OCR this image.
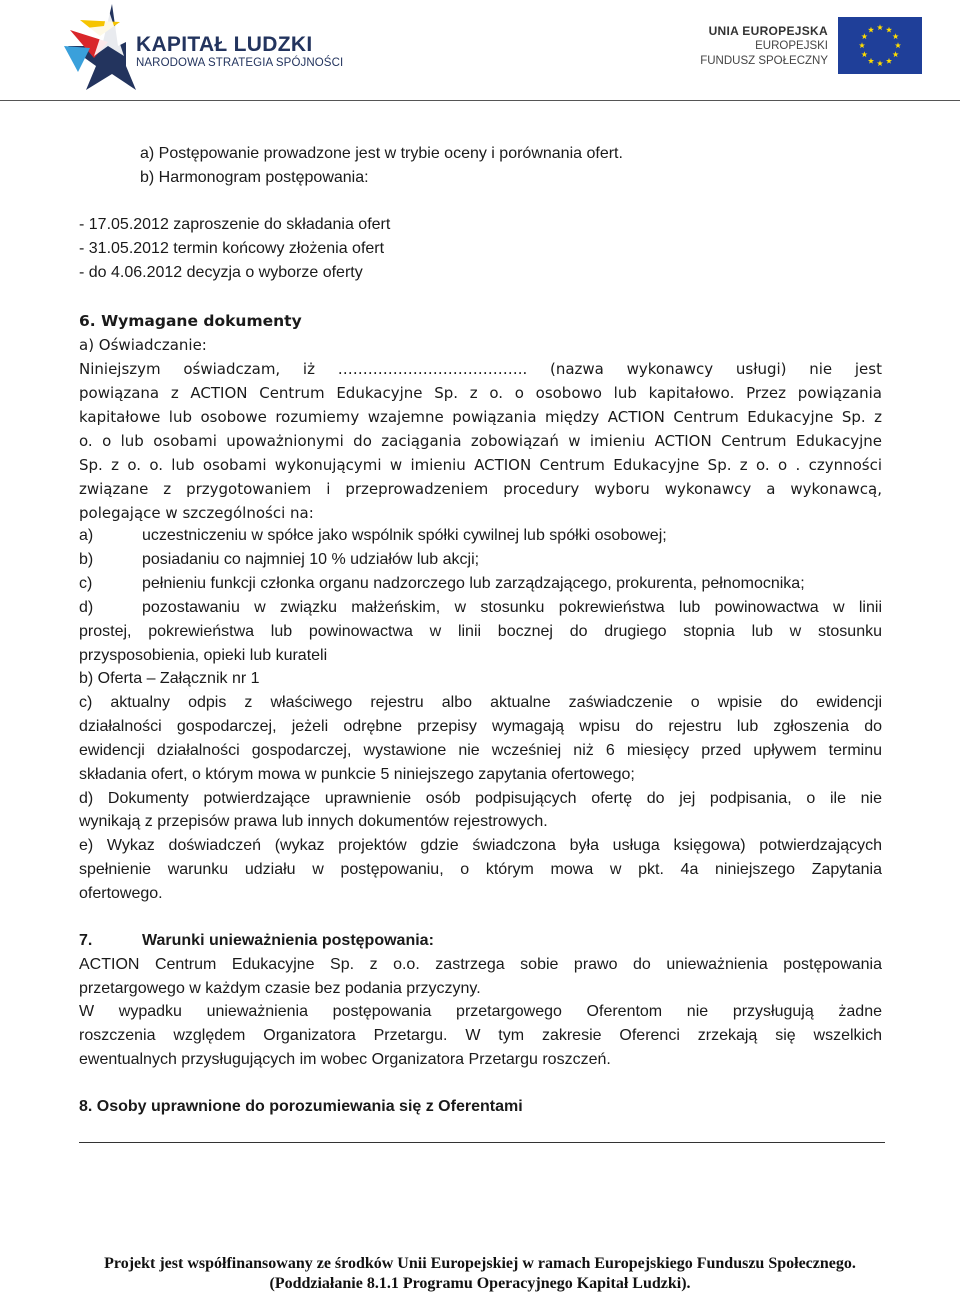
KAPITAŁ LUDZKI
NARODOWA STRATEGIA SPÓJNOŚCI
UNIA EUROPEJSKA
EUROPEJSKI
FUNDUSZ SPOŁECZNY
a) Postępowanie prowadzone jest w trybie oceny i porównania ofert.
b) Harmonogram postępowania:
- 17.05.2012 zaproszenie do składania ofert
- 31.05.2012 termin końcowy złożenia ofert
- do 4.06.2012 decyzja o wyborze oferty
6. Wymagane dokumenty
a) Oświadczanie:
Niniejszym oświadczam, iż ……………………………….. (nazwa wykonawcy usługi) nie jest
powiązana z ACTION Centrum Edukacyjne Sp. z o. o osobowo lub kapitałowo. Przez powiązania
kapitałowe lub osobowe rozumiemy wzajemne powiązania między ACTION Centrum Edukacyjne Sp. z
o. o lub osobami upoważnionymi do zaciągania zobowiązań w imieniu ACTION Centrum Edukacyjne
Sp. z o. o. lub osobami wykonującymi w imieniu ACTION Centrum Edukacyjne Sp. z o. o . czynności
związane z przygotowaniem i przeprowadzeniem procedury wyboru wykonawcy a wykonawcą,
polegające w szczególności na:
a)	uczestniczeniu w spółce jako wspólnik spółki cywilnej lub spółki osobowej;
b)	posiadaniu co najmniej 10 % udziałów lub akcji;
c)	pełnieniu funkcji członka organu nadzorczego lub zarządzającego, prokurenta, pełnomocnika;
d)	pozostawaniu w związku małżeńskim, w stosunku pokrewieństwa lub powinowactwa w linii
prostej, pokrewieństwa lub powinowactwa w linii bocznej do drugiego stopnia lub w stosunku
przysposobienia, opieki lub kurateli
b) Oferta – Załącznik nr 1
c) aktualny odpis z właściwego rejestru albo aktualne zaświadczenie o wpisie do ewidencji
działalności gospodarczej, jeżeli odrębne przepisy wymagają wpisu do rejestru lub zgłoszenia do
ewidencji działalności gospodarczej, wystawione nie wcześniej niż 6 miesięcy przed upływem terminu
składania ofert, o którym mowa w punkcie 5 niniejszego zapytania ofertowego;
d) Dokumenty potwierdzające uprawnienie osób podpisujących ofertę do jej podpisania, o ile nie
wynikają z przepisów prawa lub innych dokumentów rejestrowych.
e) Wykaz doświadczeń (wykaz projektów gdzie świadczona była usługa księgowa) potwierdzających
spełnienie warunku udziału w postępowaniu, o którym mowa w pkt. 4a niniejszego Zapytania
ofertowego.
7.	Warunki unieważnienia postępowania:
ACTION Centrum Edukacyjne Sp. z o.o. zastrzega sobie prawo do unieważnienia postępowania
przetargowego w każdym czasie bez podania przyczyny.
W wypadku unieważnienia postępowania przetargowego Oferentom nie przysługują żadne
roszczenia względem Organizatora Przetargu. W tym zakresie Oferenci zrzekają się wszelkich
ewentualnych przysługujących im wobec Organizatora Przetargu roszczeń.
8. Osoby uprawnione do porozumiewania się z Oferentami
Projekt jest współfinansowany ze środków Unii Europejskiej w ramach Europejskiego Funduszu Społecznego.
(Poddziałanie 8.1.1 Programu Operacyjnego Kapitał Ludzki).
